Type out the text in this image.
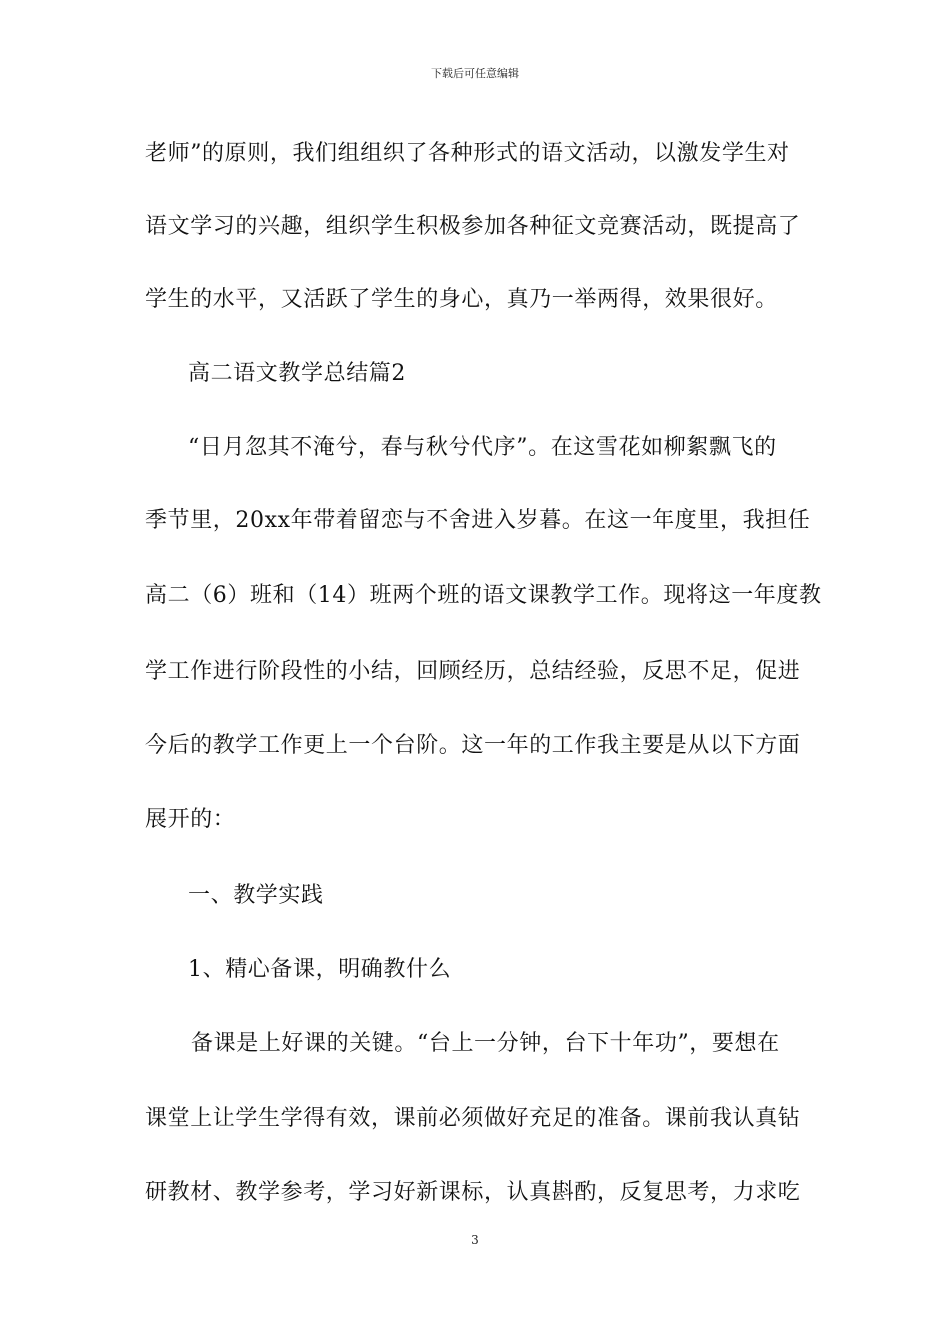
下载后可任意编辑
老师”的原则，我们组组织了各种形式的语文活动，以激发学生对
语文学习的兴趣，组织学生积极参加各种征文竞赛活动，既提高了
学生的水平，又活跃了学生的身心，真乃一举两得，效果很好。
高二语文教学总结篇2
“日月忽其不淹兮，春与秋兮代序”。在这雪花如柳絮飘飞的
季节里，20xx年带着留恋与不舍进入岁暮。在这一年度里，我担任
高二（6）班和（14）班两个班的语文课教学工作。现将这一年度教
学工作进行阶段性的小结，回顾经历，总结经验，反思不足，促进
今后的教学工作更上一个台阶。这一年的工作我主要是从以下方面
展开的：
一、教学实践
1、精心备课，明确教什么
备课是上好课的关键。“台上一分钟，台下十年功”，要想在
课堂上让学生学得有效，课前必须做好充足的准备。课前我认真钻
研教材、教学参考，学习好新课标，认真斟酌，反复思考，力求吃
3
